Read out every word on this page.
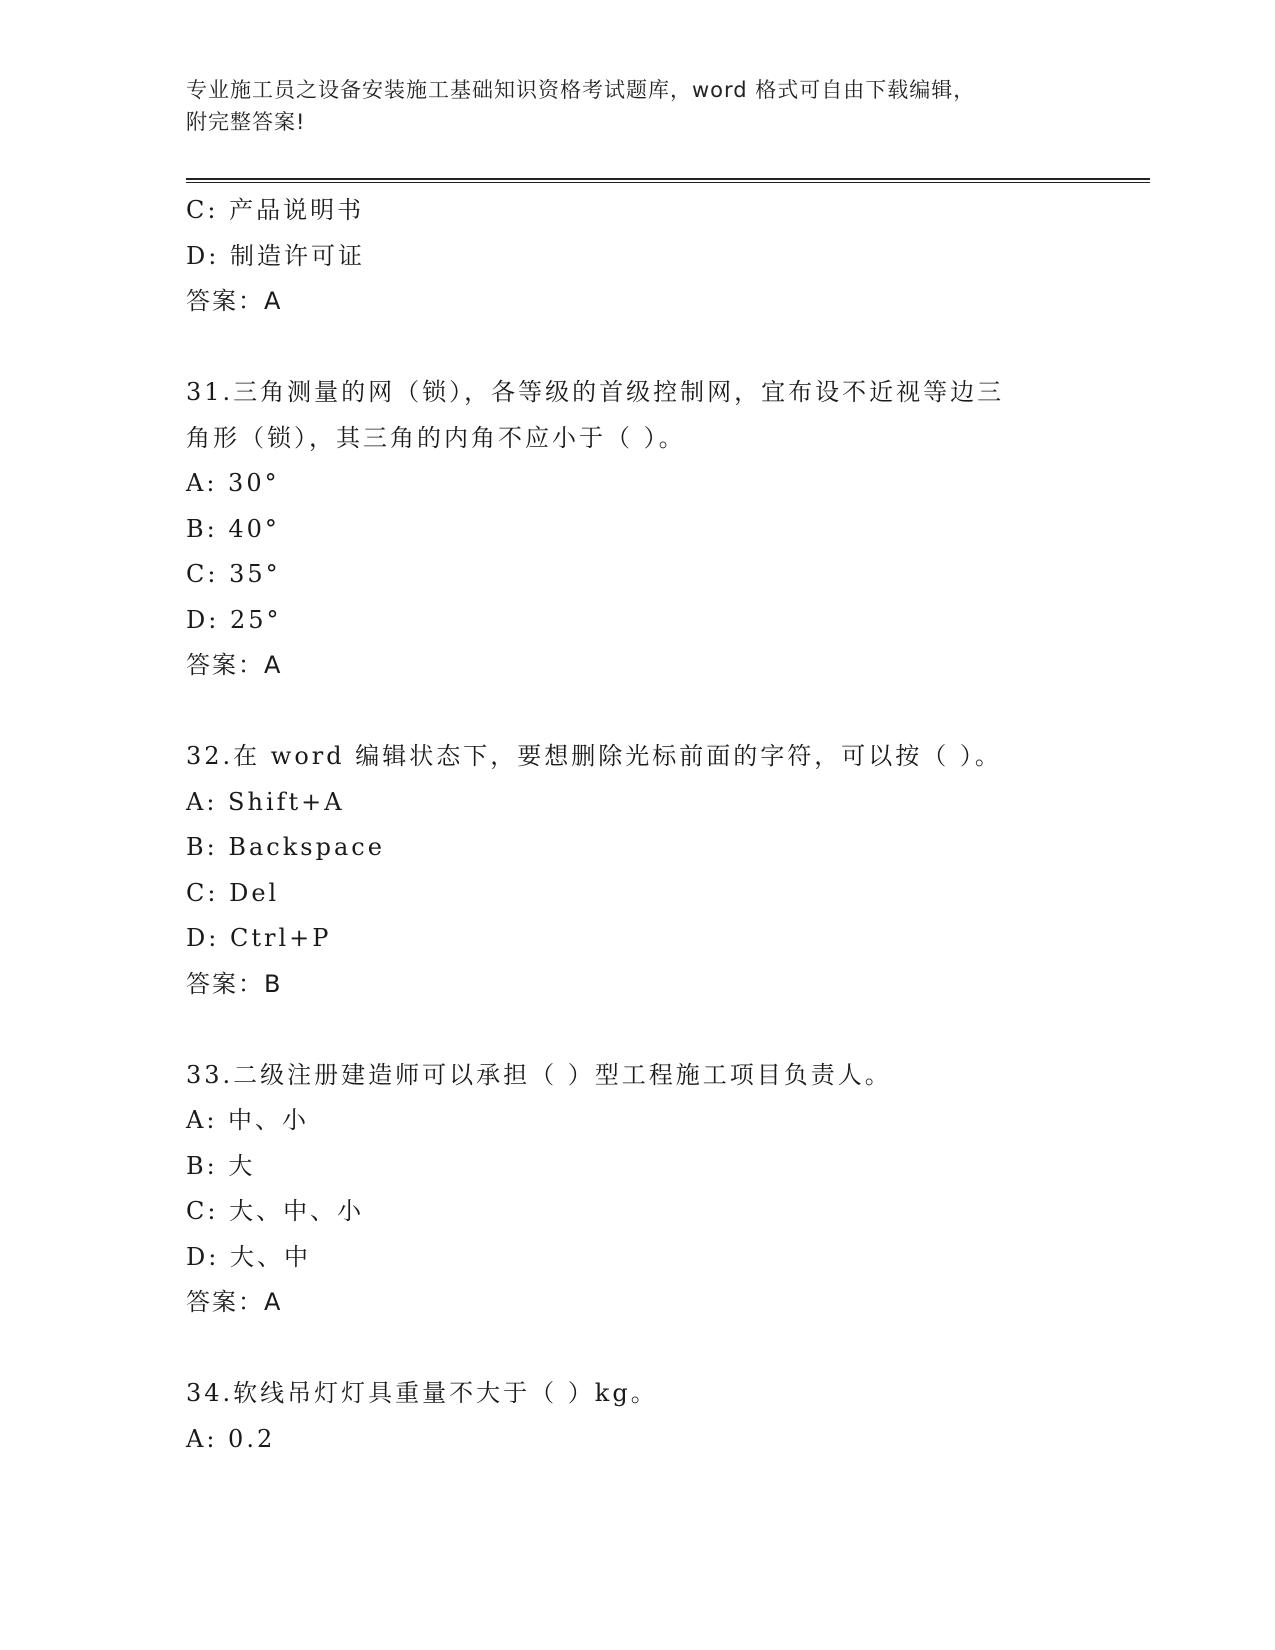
专业施工员之设备安装施工基础知识资格考试题库，word 格式可自由下载编辑，
附完整答案!
C: 产品说明书
D: 制造许可证
答案：A
31.三角测量的网（锁），各等级的首级控制网，宜布设不近视等边三
角形（锁），其三角的内角不应小于（ ）。
A: 30°
B: 40°
C: 35°
D: 25°
答案：A
32.在 word 编辑状态下，要想删除光标前面的字符，可以按（ ）。
A: Shift+A
B: Backspace
C: Del
D: Ctrl+P
答案：B
33.二级注册建造师可以承担（ ）型工程施工项目负责人。
A: 中、小
B: 大
C: 大、中、小
D: 大、中
答案：A
34.软线吊灯灯具重量不大于（ ）kg。
A: 0.2
